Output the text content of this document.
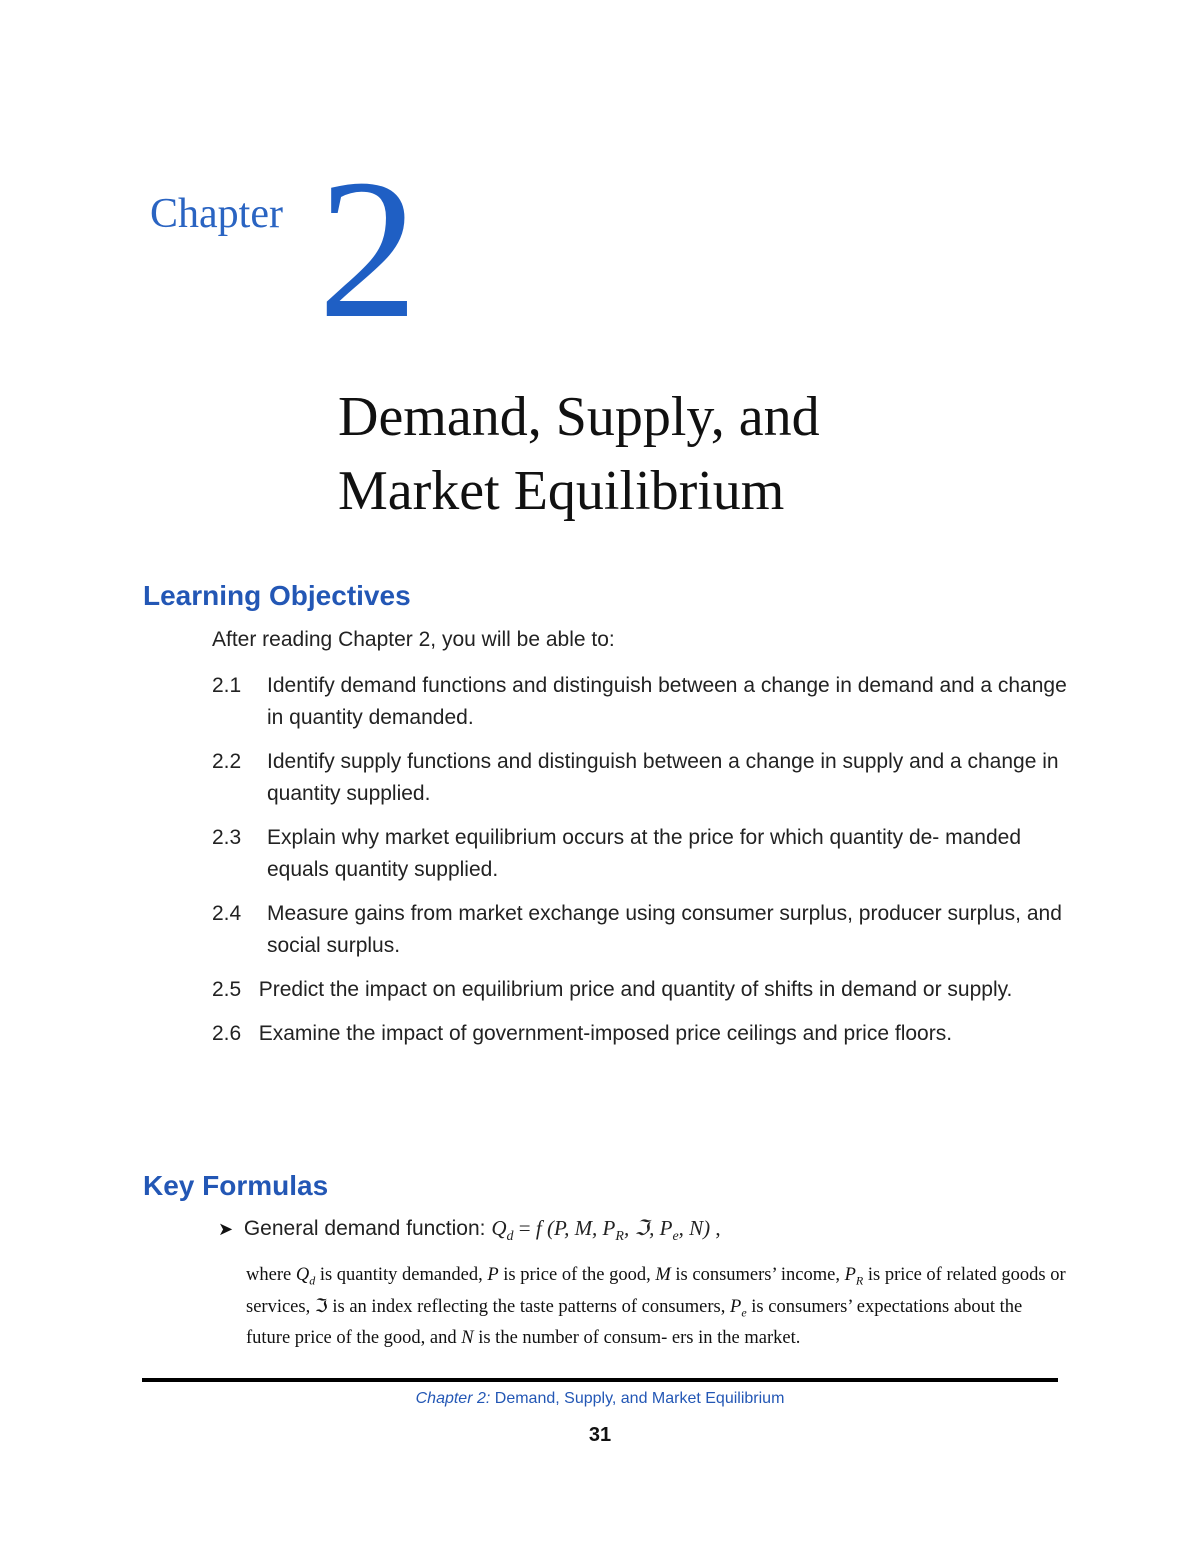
Chapter 2
Demand, Supply, and
Market Equilibrium
Learning Objectives
After reading Chapter 2, you will be able to:
2.1	Identify demand functions and distinguish between a change in demand and a change in quantity demanded.
2.2	Identify supply functions and distinguish between a change in supply and a change in quantity supplied.
2.3	Explain why market equilibrium occurs at the price for which quantity de- manded equals quantity supplied.
2.4	Measure gains from market exchange using consumer surplus, producer surplus, and social surplus.
2.5 Predict the impact on equilibrium price and quantity of shifts in demand or supply.
2.6 Examine the impact of government-imposed price ceilings and price floors.
Key Formulas
➤ General demand function: $Q_d = f$ (P, M, $P_R$, ℑ, $P_e$, N) ,
where $Q_d$ is quantity demanded, P is price of the good, M is consumers’ income, $P_R$ is price of related goods or services, ℑ is an index reflecting the taste patterns of consumers, $P_e$ is consumers’ expectations about the future price of the good, and N is the number of consum- ers in the market.
Chapter 2: Demand, Supply, and Market Equilibrium
31
